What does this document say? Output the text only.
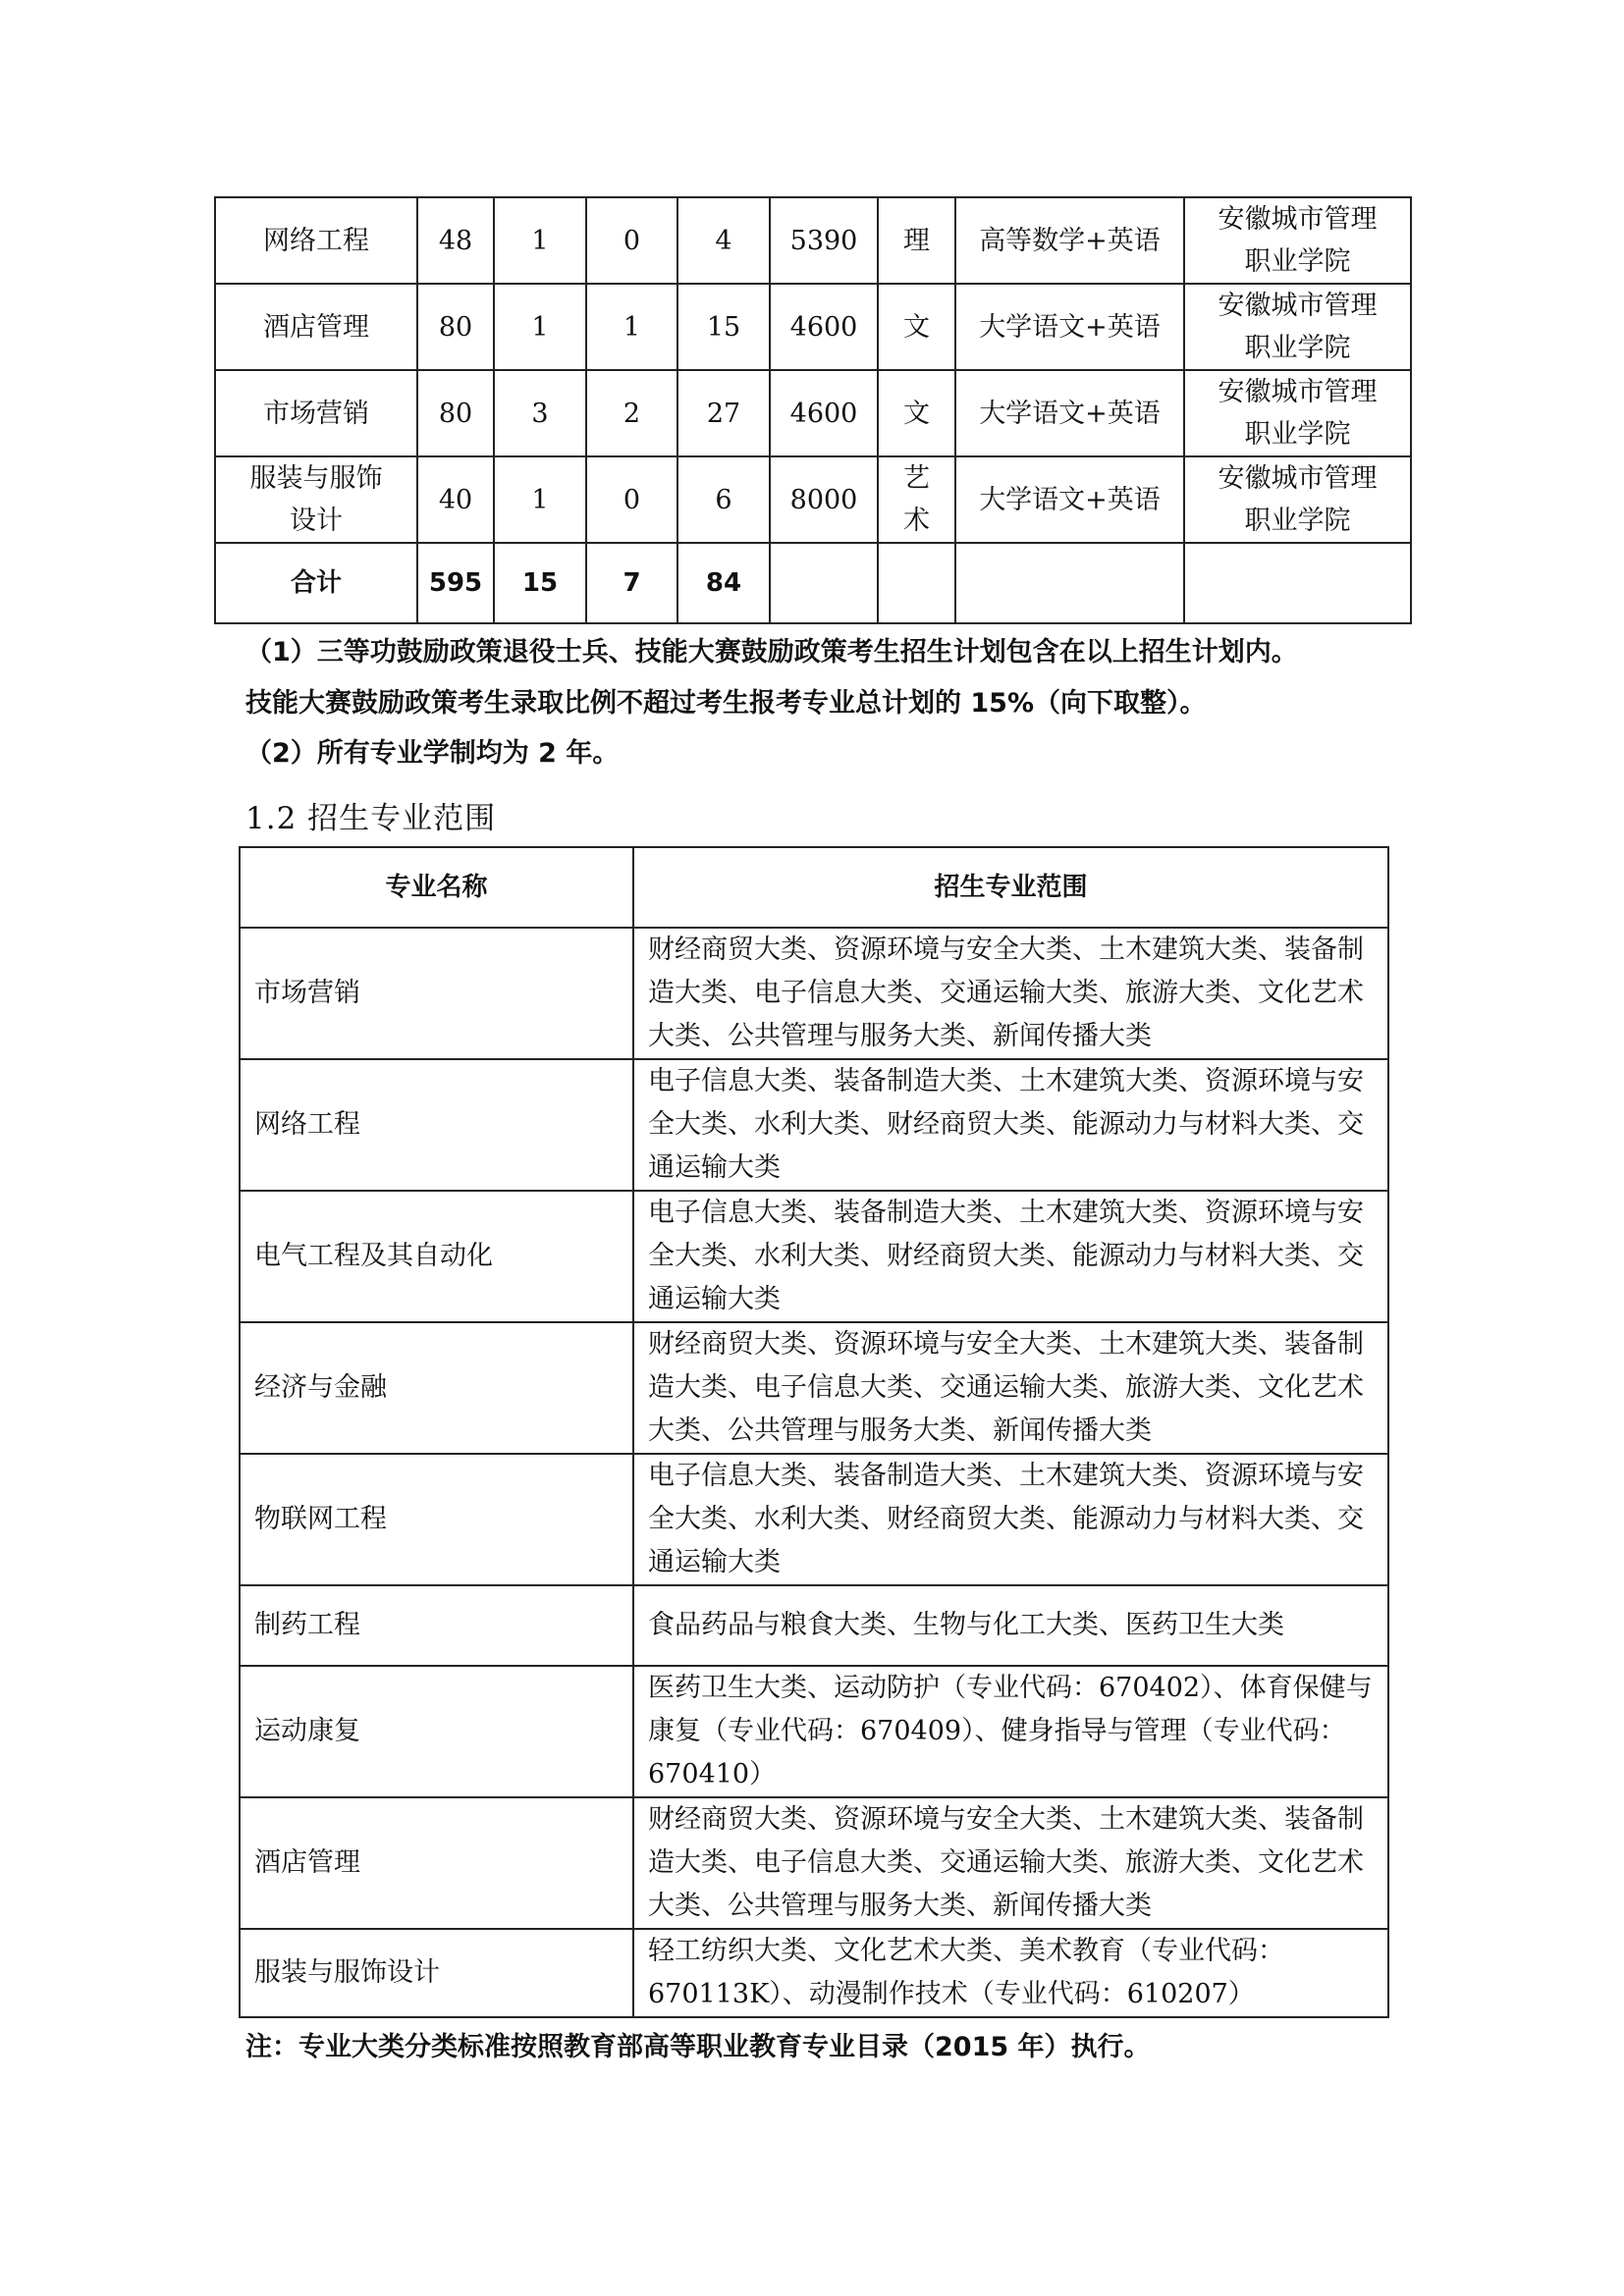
网络工程	48	1	0	4	5390	理	高等数学+英语	安徽城市管理职业学院

酒店管理	80	1	1	15	4600	文	大学语文+英语	安徽城市管理职业学院

市场营销	80	3	2	27	4600	文	大学语文+英语	安徽城市管理职业学院

服装与服饰设计	40	1	0	6	8000	艺术	大学语文+英语	安徽城市管理职业学院

合计	595	15	7	84				
（1）三等功鼓励政策退役士兵、技能大赛鼓励政策考生招生计划包含在以上招生计划内。
技能大赛鼓励政策考生录取比例不超过考生报考专业总计划的 15%（向下取整）。
（2）所有专业学制均为 2 年。
1.2 招生专业范围
专业名称	招生专业范围
市场营销	财经商贸大类、资源环境与安全大类、土木建筑大类、装备制造大类、电子信息大类、交通运输大类、旅游大类、文化艺术大类、公共管理与服务大类、新闻传播大类
网络工程	电子信息大类、装备制造大类、土木建筑大类、资源环境与安全大类、水利大类、财经商贸大类、能源动力与材料大类、交通运输大类
电气工程及其自动化	电子信息大类、装备制造大类、土木建筑大类、资源环境与安全大类、水利大类、财经商贸大类、能源动力与材料大类、交通运输大类
经济与金融	财经商贸大类、资源环境与安全大类、土木建筑大类、装备制造大类、电子信息大类、交通运输大类、旅游大类、文化艺术大类、公共管理与服务大类、新闻传播大类
物联网工程	电子信息大类、装备制造大类、土木建筑大类、资源环境与安全大类、水利大类、财经商贸大类、能源动力与材料大类、交通运输大类
制药工程	食品药品与粮食大类、生物与化工大类、医药卫生大类
运动康复	医药卫生大类、运动防护（专业代码：670402）、体育保健与康复（专业代码：670409）、健身指导与管理（专业代码：670410）
酒店管理	财经商贸大类、资源环境与安全大类、土木建筑大类、装备制造大类、电子信息大类、交通运输大类、旅游大类、文化艺术大类、公共管理与服务大类、新闻传播大类
服装与服饰设计	轻工纺织大类、文化艺术大类、美术教育（专业代码：670113K）、动漫制作技术（专业代码：610207）
注：专业大类分类标准按照教育部高等职业教育专业目录（2015 年）执行。
